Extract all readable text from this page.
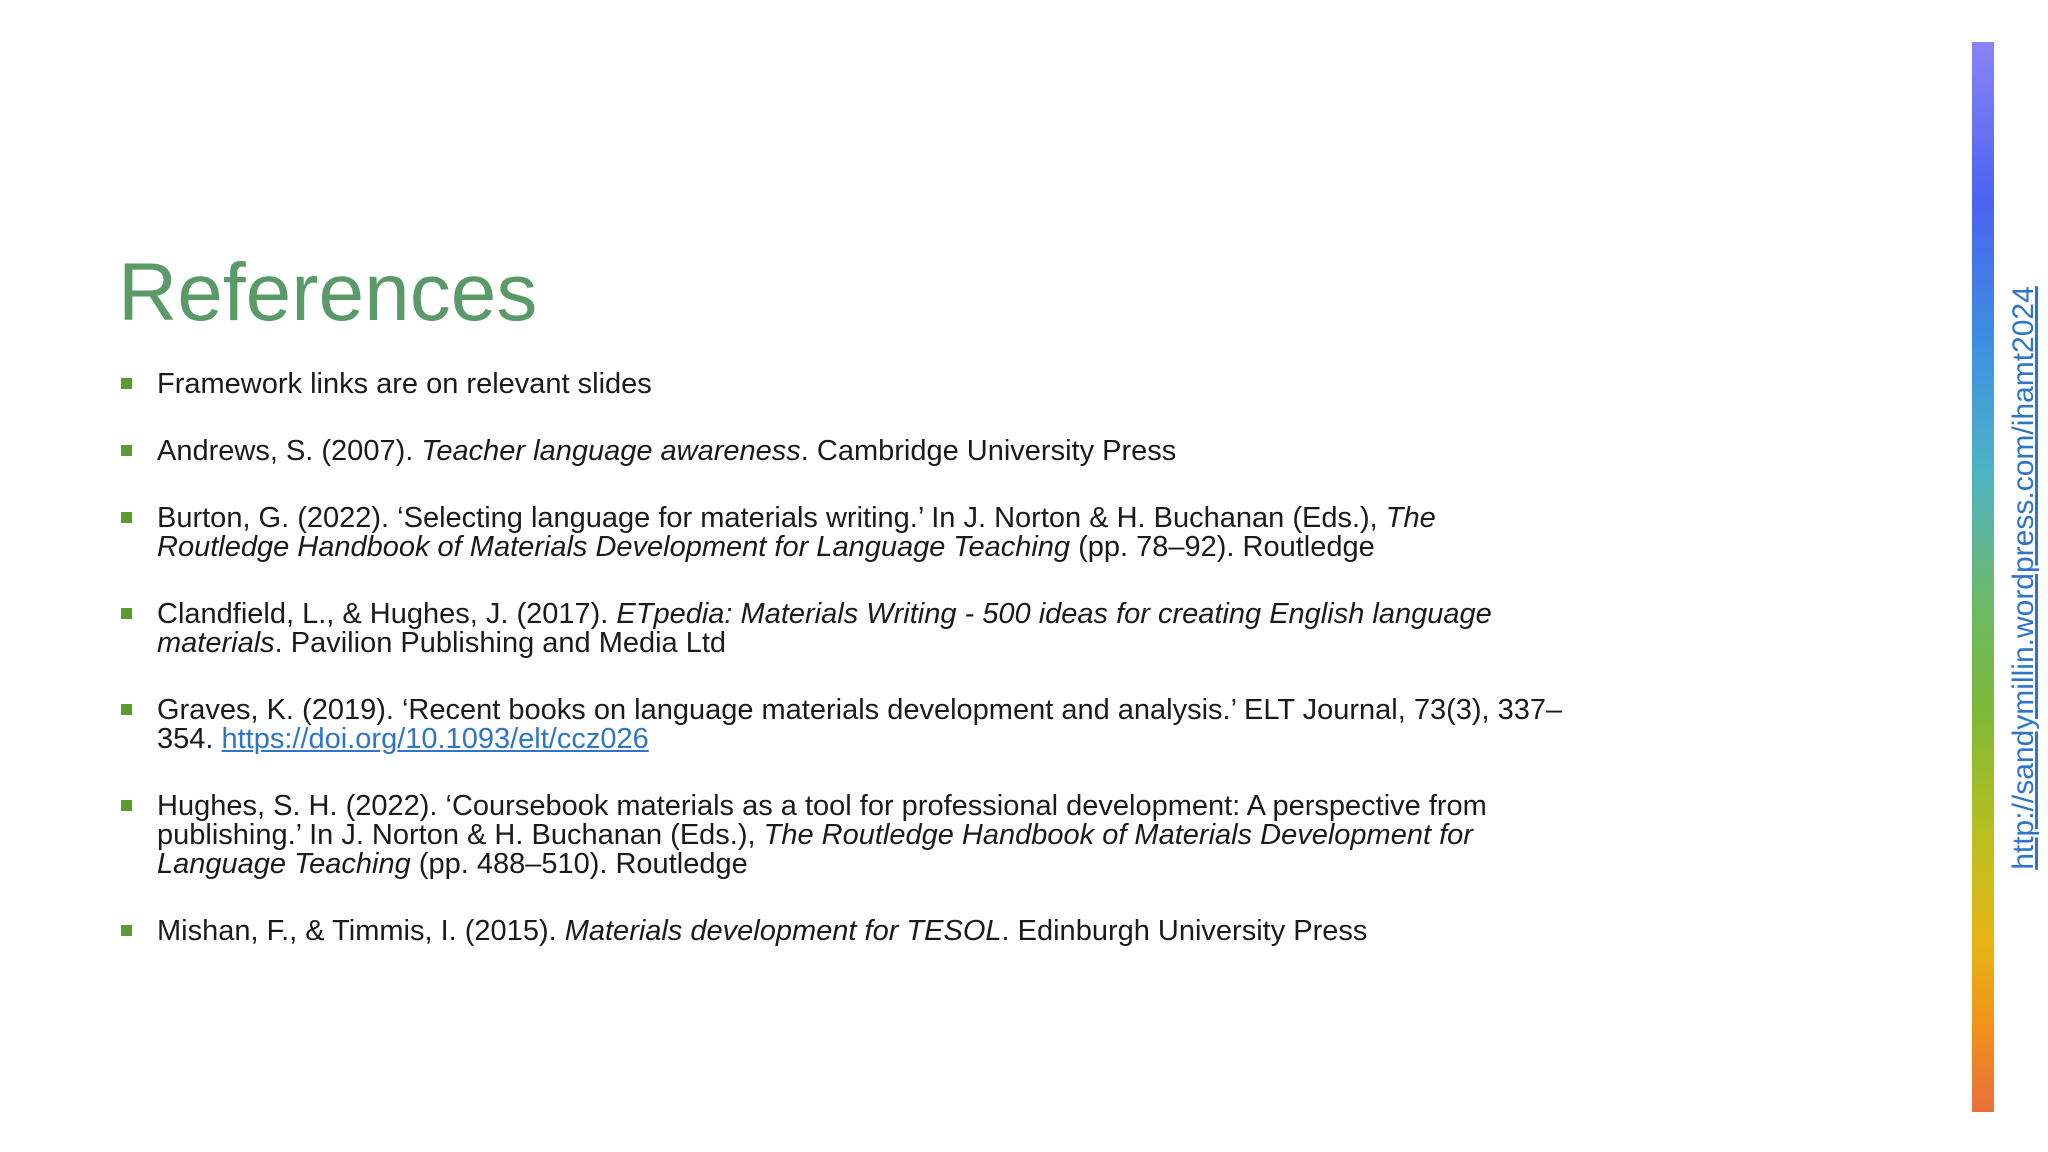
References
Framework links are on relevant slides
Andrews, S. (2007). Teacher language awareness. Cambridge University Press
Burton, G. (2022). ‘Selecting language for materials writing.’ In J. Norton & H. Buchanan (Eds.), The Routledge Handbook of Materials Development for Language Teaching (pp. 78–92). Routledge
Clandfield, L., & Hughes, J. (2017). ETpedia: Materials Writing - 500 ideas for creating English language materials. Pavilion Publishing and Media Ltd
Graves, K. (2019). ‘Recent books on language materials development and analysis.’ ELT Journal, 73(3), 337–354. https://doi.org/10.1093/elt/ccz026
Hughes, S. H. (2022). ‘Coursebook materials as a tool for professional development: A perspective from publishing.’ In J. Norton & H. Buchanan (Eds.), The Routledge Handbook of Materials Development for Language Teaching (pp. 488–510). Routledge
Mishan, F., & Timmis, I. (2015). Materials development for TESOL. Edinburgh University Press
http://sandymillin.wordpress.com/ihamt2024
